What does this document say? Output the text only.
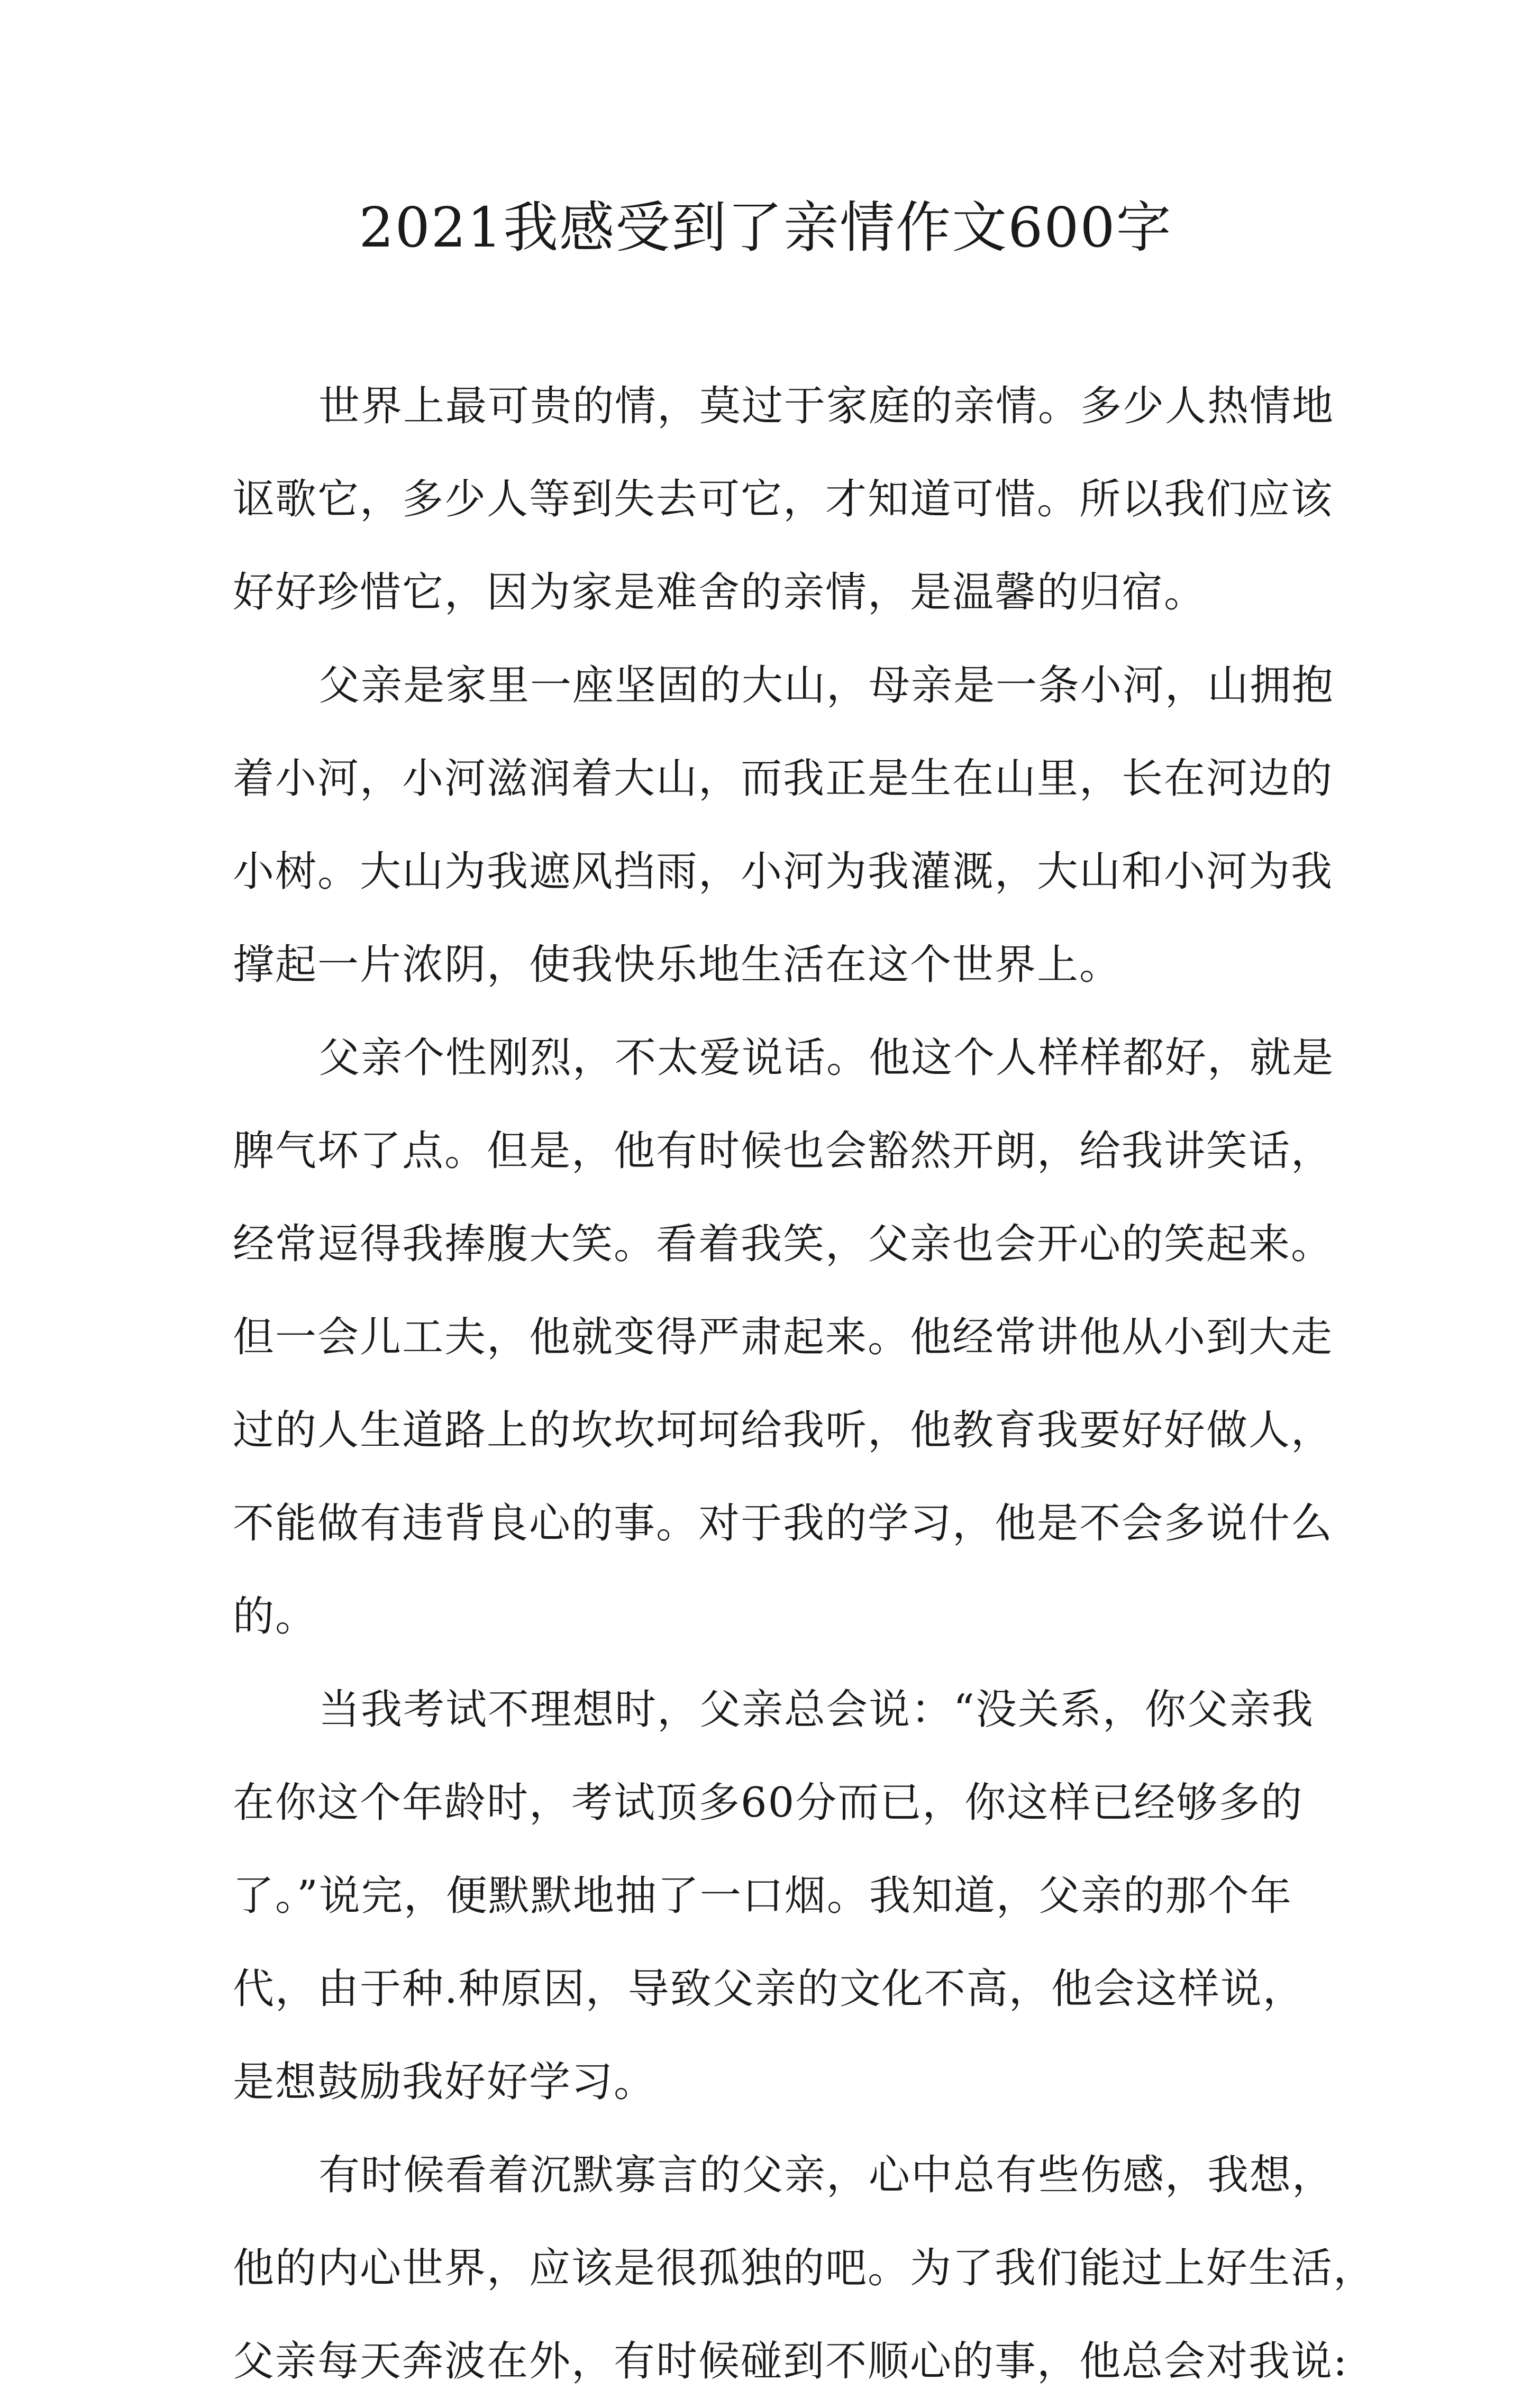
2021我感受到了亲情作文600字
世界上最可贵的情，莫过于家庭的亲情。多少人热情地
讴歌它，多少人等到失去可它，才知道可惜。所以我们应该
好好珍惜它，因为家是难舍的亲情，是温馨的归宿。
父亲是家里一座坚固的大山，母亲是一条小河，山拥抱
着小河，小河滋润着大山，而我正是生在山里，长在河边的
小树。大山为我遮风挡雨，小河为我灌溉，大山和小河为我
撑起一片浓阴，使我快乐地生活在这个世界上。
父亲个性刚烈，不太爱说话。他这个人样样都好，就是
脾气坏了点。但是，他有时候也会豁然开朗，给我讲笑话，
经常逗得我捧腹大笑。看着我笑，父亲也会开心的笑起来。
但一会儿工夫，他就变得严肃起来。他经常讲他从小到大走
过的人生道路上的坎坎坷坷给我听，他教育我要好好做人，
不能做有违背良心的事。对于我的学习，他是不会多说什么
的。
当我考试不理想时，父亲总会说：“没关系，你父亲我
在你这个年龄时，考试顶多60分而已，你这样已经够多的
了。”说完，便默默地抽了一口烟。我知道，父亲的那个年
代，由于种.种原因，导致父亲的文化不高，他会这样说，
是想鼓励我好好学习。
有时候看着沉默寡言的父亲，心中总有些伤感，我想，
他的内心世界，应该是很孤独的吧。为了我们能过上好生活，
父亲每天奔波在外，有时候碰到不顺心的事，他总会对我说:
